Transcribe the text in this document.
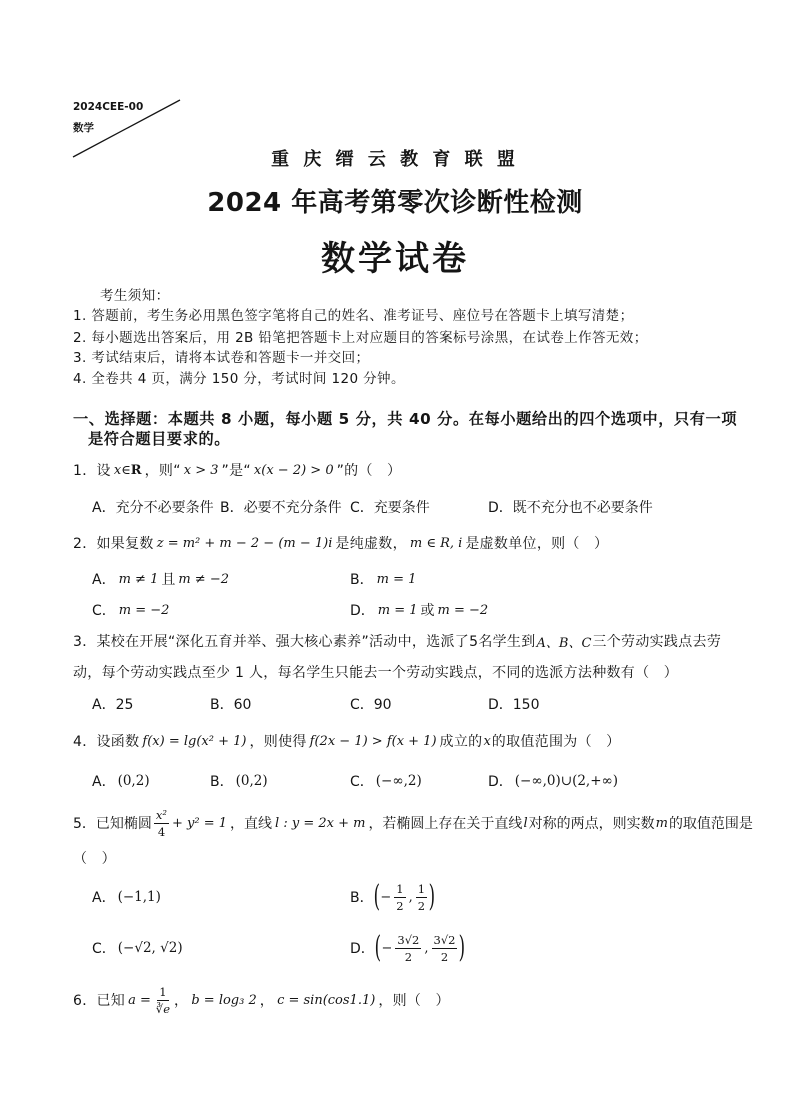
2024CEE-00
数学
重 庆 缙 云 教 育 联 盟
2024 年高考第零次诊断性检测
数学试卷
考生须知：
1. 答题前，考生务必用黑色签字笔将自己的姓名、准考证号、座位号在答题卡上填写清楚；
2. 每小题选出答案后，用 2B 铅笔把答题卡上对应题目的答案标号涂黑，在试卷上作答无效；
3. 考试结束后，请将本试卷和答题卡一并交回；
4. 全卷共 4 页，满分 150 分，考试时间 120 分钟。
一、选择题：本题共 8 小题，每小题 5 分，共 40 分。在每小题给出的四个选项中，只有一项
是符合题目要求的。
1．设 x∈ R ，则“ x > 3 ”是“ x(x − 2) > 0 ”的（　）
A．充分不必要条件 B．必要不充分条件 C．充要条件	D．既不充分也不必要条件
2．如果复数 z = m² + m − 2 − (m − 1)i 是纯虚数， m ∈ R, i 是虚数单位，则（　）
A． m ≠ 1 且 m ≠ −2	B． m = 1
C． m = −2	D． m = 1 或 m = −2
3．某校在开展“深化五育并举、强大核心素养”活动中，选派了5名学生到 A、B、C 三个劳动实践点去劳
动，每个劳动实践点至少 1 人，每名学生只能去一个劳动实践点，不同的选派方法种数有（　）
A．25	B．60	C．90	D．150
4．设函数 f(x) = lg(x² + 1) ，则使得 f(2x − 1) > f(x + 1) 成立的 x 的取值范围为（　）
A． (0,2)	B． (0,2)	C． (−∞,2)	D． (−∞,0)∪(2,+∞)
5．已知椭圆 $\frac{\text{x²}}{4} + y^2 = 1$ ，直线 l : y = 2x + m ，若椭圆上存在关于直线 l 对称的两点，则实数 m 的取值范围是
（　）
A． (−1,1)	B． ( − $\frac{1}{2}$ , $\frac{1}{2}$ )
C． (−√2, √2)	D． ( − $\frac{3√2}{2}$ , $\frac{3√2}{2}$ )
6．已知 $a = \frac{1}{∛e}$ ， b = log₃ 2 ， c = sin(cos1.1) ，则（　）
